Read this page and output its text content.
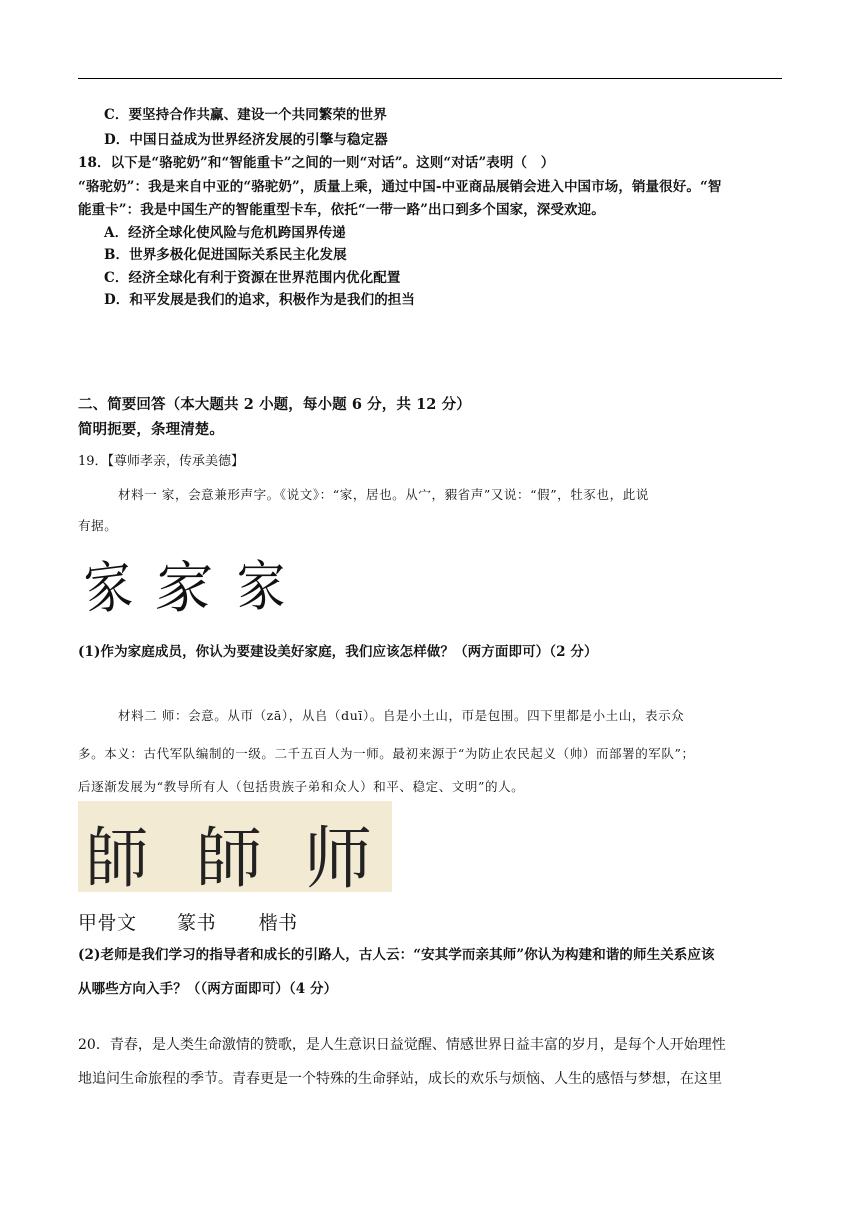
C．要坚持合作共赢、建设一个共同繁荣的世界
D．中国日益成为世界经济发展的引擎与稳定器
18．以下是“骆驼奶”和“智能重卡”之间的一则“对话”。这则“对话”表明（　）
“骆驼奶”：我是来自中亚的“骆驼奶”，质量上乘，通过中国-中亚商品展销会进入中国市场，销量很好。“智
能重卡”：我是中国生产的智能重型卡车，依托“一带一路”出口到多个国家，深受欢迎。
A．经济全球化使风险与危机跨国界传递
B．世界多极化促进国际关系民主化发展
C．经济全球化有利于资源在世界范围内优化配置
D．和平发展是我们的追求，积极作为是我们的担当
二、简要回答（本大题共 2 小题，每小题 6 分，共 12 分）
简明扼要，条理清楚。
19．【尊师孝亲，传承美德】
材料一 家，会意兼形声字。《说文》：“家，居也。从宀，豭省声”又说：“假”，牡豕也，此说
有据。
家 家 家
(1)作为家庭成员，你认为要建设美好家庭，我们应该怎样做？（两方面即可）（2 分）
材料二 师：会意。从帀（zā），从𠂤（duī）。𠂤是小土山，帀是包围。四下里都是小土山，表示众
多。本义：古代军队编制的一级。二千五百人为一师。最初来源于“为防止农民起义（帅）而部署的军队”；
后逐渐发展为“教导所有人（包括贵族子弟和众人）和平、稳定、文明”的人。
師 師 师
甲骨文 篆书 楷书
(2)老师是我们学习的指导者和成长的引路人，古人云：“安其学而亲其师”你认为构建和谐的师生关系应该
从哪些方向入手？（（两方面即可）（4 分）
20．青春，是人类生命激情的赞歌，是人生意识日益觉醒、情感世界日益丰富的岁月，是每个人开始理性
地追问生命旅程的季节。青春更是一个特殊的生命驿站，成长的欢乐与烦恼、人生的感悟与梦想，在这里
